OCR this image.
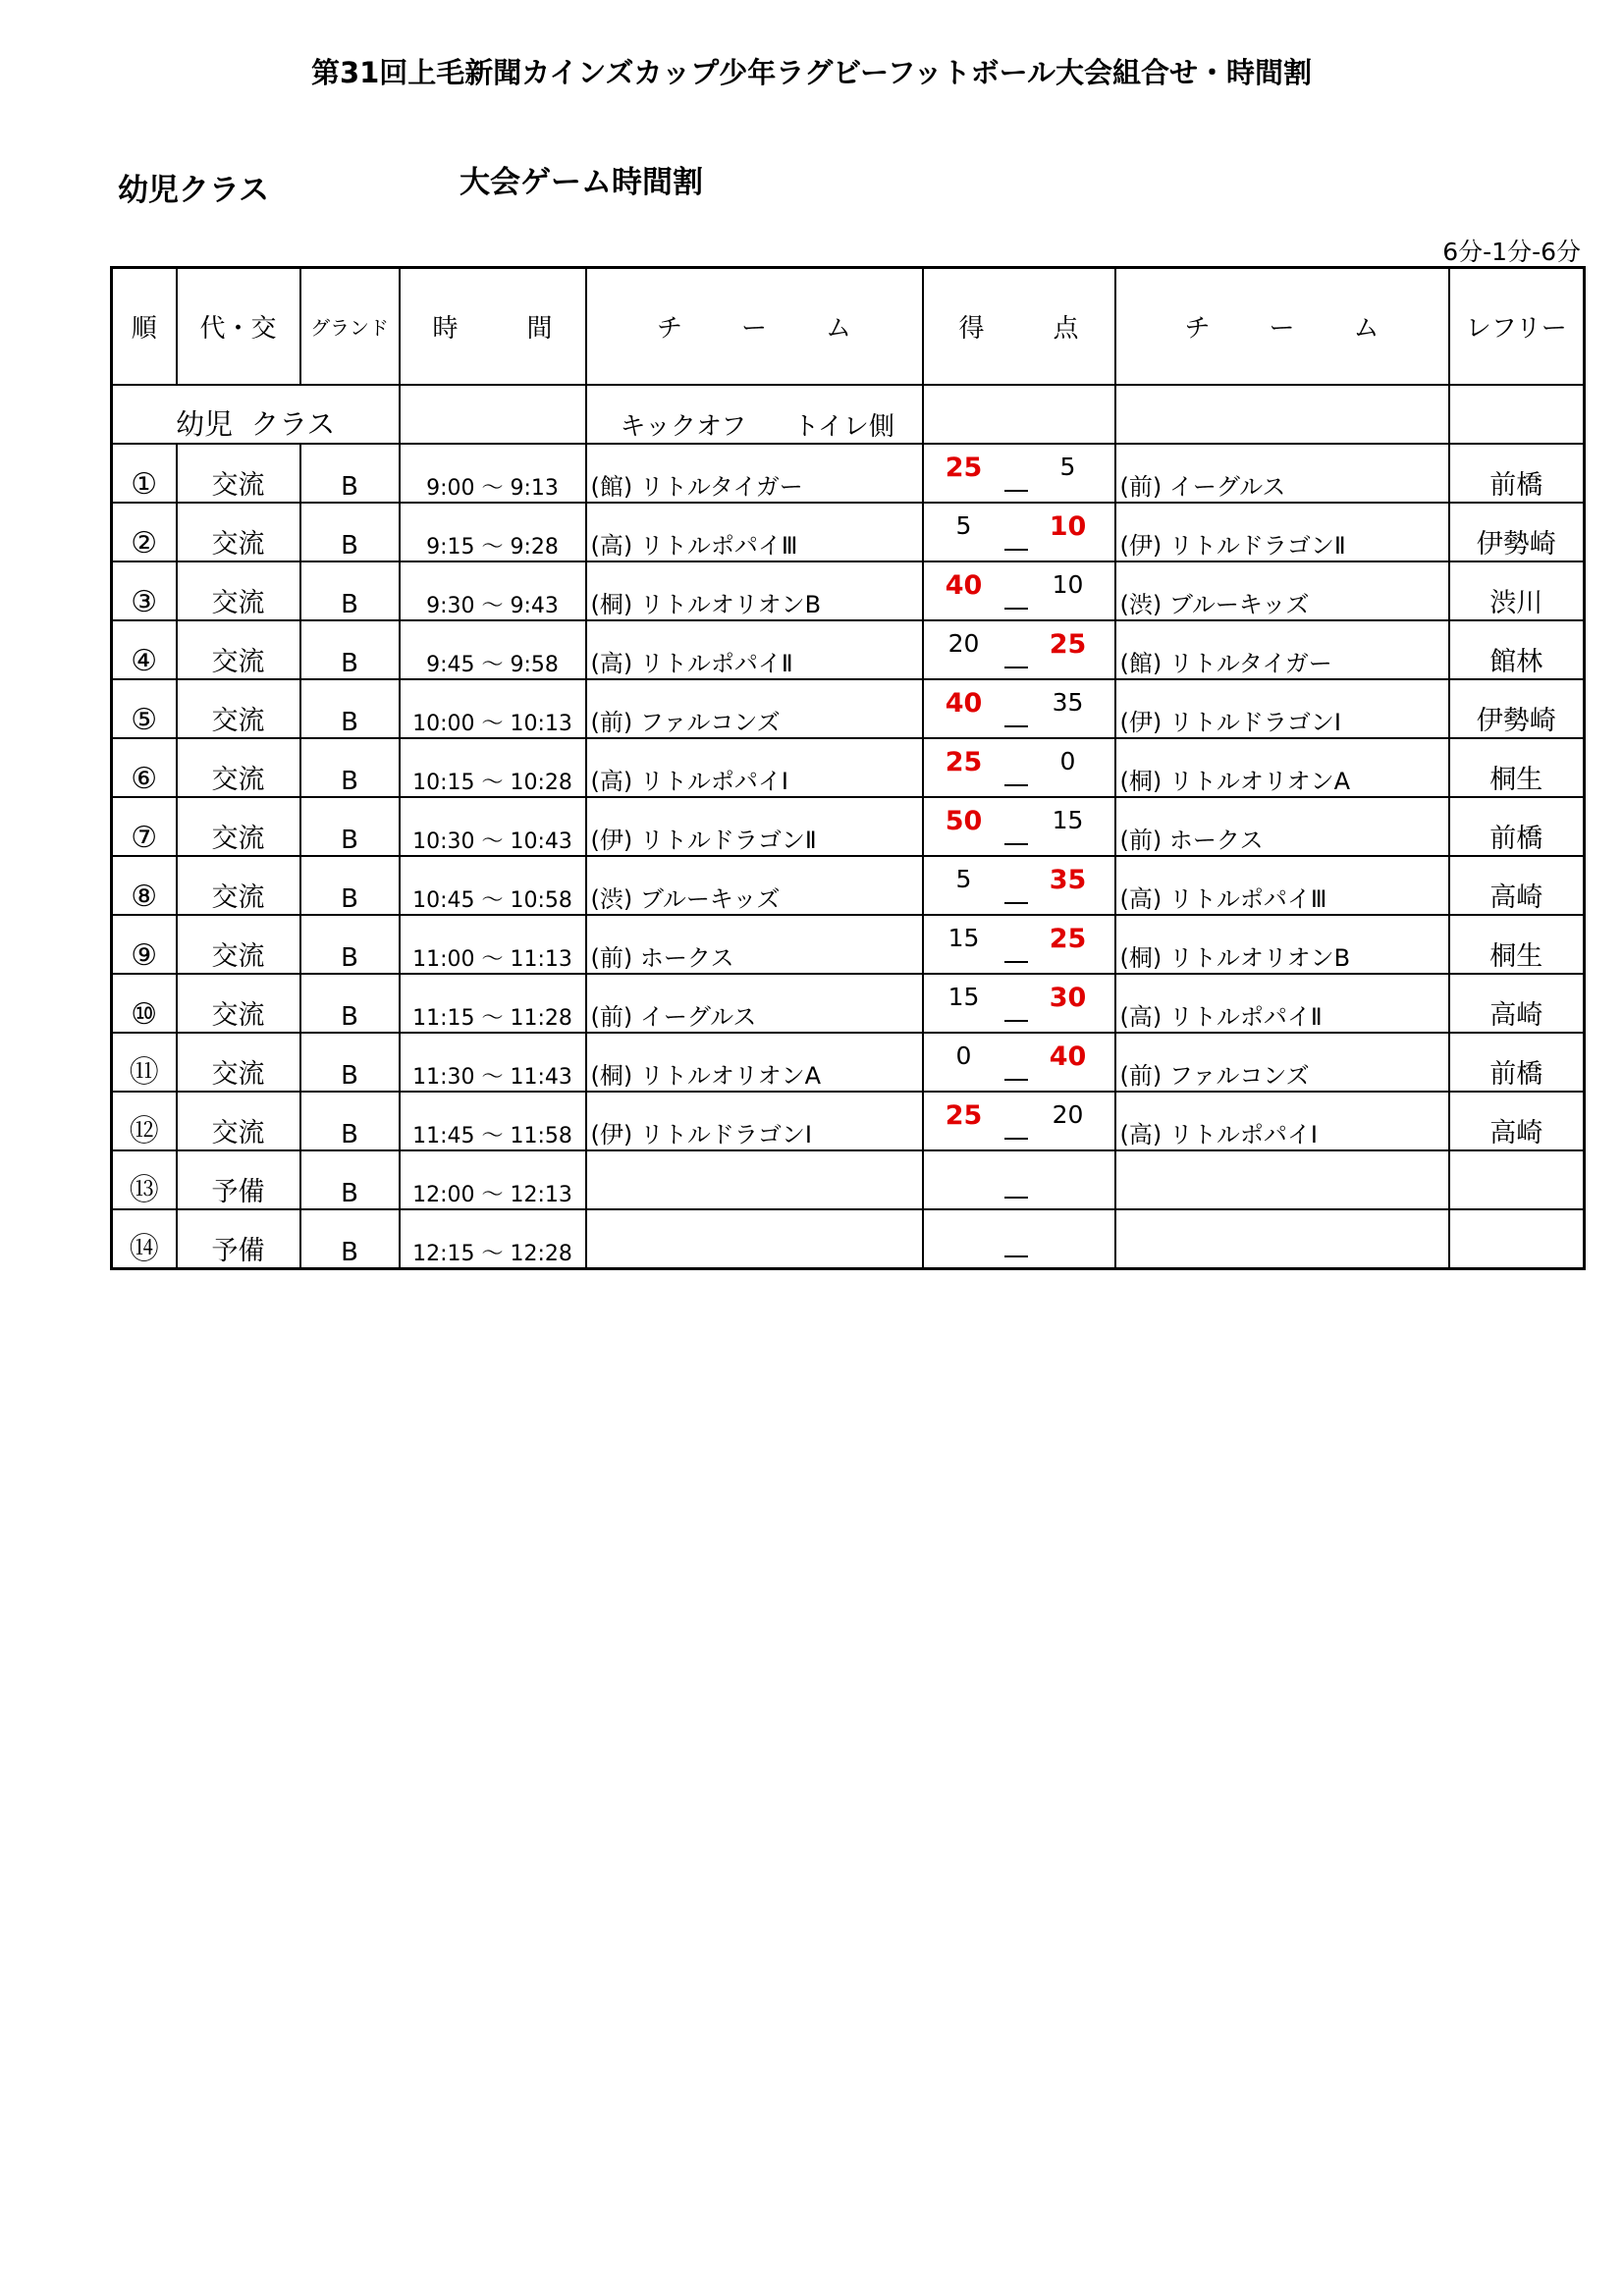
第31回上毛新聞カインズカップ少年ラグビーフットボール大会組合せ・時間割
幼児クラス	大会ゲーム時間割
6分-1分-6分
順	代・交	グランド	時 間	チ ー ム	得 点	チ ー ム	レフリー
幼児 クラス				キックオフ トイレ側			
①	交流	B	9:00 ～ 9:13	(館) リトルタイガー	25 5	(前) イーグルス	前橋
②	交流	B	9:15 ～ 9:28	(高) リトルポパイⅢ	5 10	(伊) リトルドラゴンⅡ	伊勢崎
③	交流	B	9:30 ～ 9:43	(桐) リトルオリオンB	40 10	(渋) ブルーキッズ	渋川
④	交流	B	9:45 ～ 9:58	(高) リトルポパイⅡ	20 25	(館) リトルタイガー	館林
⑤	交流	B	10:00 ～ 10:13	(前) ファルコンズ	40 35	(伊) リトルドラゴンⅠ	伊勢崎
⑥	交流	B	10:15 ～ 10:28	(高) リトルポパイⅠ	25 0	(桐) リトルオリオンA	桐生
⑦	交流	B	10:30 ～ 10:43	(伊) リトルドラゴンⅡ	50 15	(前) ホークス	前橋
⑧	交流	B	10:45 ～ 10:58	(渋) ブルーキッズ	5 35	(高) リトルポパイⅢ	高崎
⑨	交流	B	11:00 ～ 11:13	(前) ホークス	15 25	(桐) リトルオリオンB	桐生
⑩	交流	B	11:15 ～ 11:28	(前) イーグルス	15 30	(高) リトルポパイⅡ	高崎
⑪	交流	B	11:30 ～ 11:43	(桐) リトルオリオンA	0 40	(前) ファルコンズ	前橋
⑫	交流	B	11:45 ～ 11:58	(伊) リトルドラゴンⅠ	25 20	(高) リトルポパイⅠ	高崎
⑬	予備	B	12:00 ～ 12:13		

⑭	予備	B	12:15 ～ 12:28		
